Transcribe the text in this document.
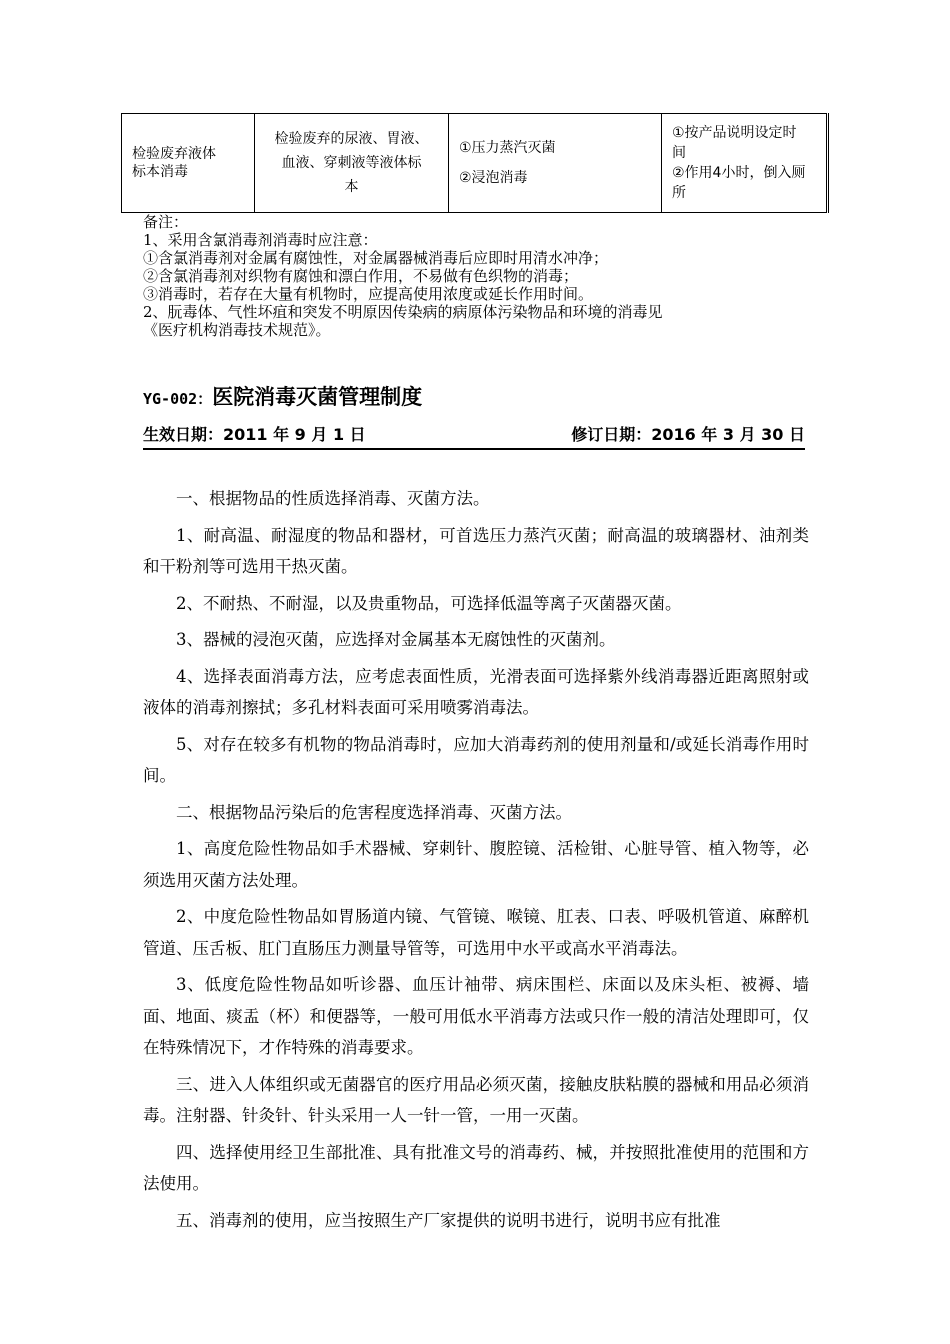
检验废弃液体
标本消毒

检验废弃的尿液、胃液、
血液、穿刺液等液体标
本

①压力蒸汽灭菌
②浸泡消毒

①按产品说明设定时
间
②作用4小时，倒入厕
所
备注：
1、采用含氯消毒剂消毒时应注意：
①含氯消毒剂对金属有腐蚀性，对金属器械消毒后应即时用清水冲净；
②含氯消毒剂对织物有腐蚀和漂白作用，不易做有色织物的消毒；
③消毒时，若存在大量有机物时，应提高使用浓度或延长作用时间。
2、朊毒体、气性坏疽和突发不明原因传染病的病原体污染物品和环境的消毒见
《医疗机构消毒技术规范》。
YG-002：医院消毒灭菌管理制度
生效日期：2011 年 9 月 1 日	修订日期：2016 年 3 月 30 日

一、根据物品的性质选择消毒、灭菌方法。

1、耐高温、耐湿度的物品和器材，可首选压力蒸汽灭菌；耐高温的玻璃器材、油剂类和干粉剂等可选用干热灭菌。

2、不耐热、不耐湿，以及贵重物品，可选择低温等离子灭菌器灭菌。

3、器械的浸泡灭菌，应选择对金属基本无腐蚀性的灭菌剂。

4、选择表面消毒方法，应考虑表面性质，光滑表面可选择紫外线消毒器近距离照射或液体的消毒剂擦拭；多孔材料表面可采用喷雾消毒法。

5、对存在较多有机物的物品消毒时，应加大消毒药剂的使用剂量和/或延长消毒作用时间。

二、根据物品污染后的危害程度选择消毒、灭菌方法。

1、高度危险性物品如手术器械、穿刺针、腹腔镜、活检钳、心脏导管、植入物等，必须选用灭菌方法处理。

2、中度危险性物品如胃肠道内镜、气管镜、喉镜、肛表、口表、呼吸机管道、麻醉机管道、压舌板、肛门直肠压力测量导管等，可选用中水平或高水平消毒法。

3、低度危险性物品如听诊器、血压计袖带、病床围栏、床面以及床头柜、被褥、墙面、地面、痰盂（杯）和便器等，一般可用低水平消毒方法或只作一般的清洁处理即可，仅在特殊情况下，才作特殊的消毒要求。

三、进入人体组织或无菌器官的医疗用品必须灭菌，接触皮肤粘膜的器械和用品必须消毒。注射器、针灸针、针头采用一人一针一管，一用一灭菌。

四、选择使用经卫生部批准、具有批准文号的消毒药、械，并按照批准使用的范围和方法使用。

五、消毒剂的使用，应当按照生产厂家提供的说明书进行，说明书应有批准
